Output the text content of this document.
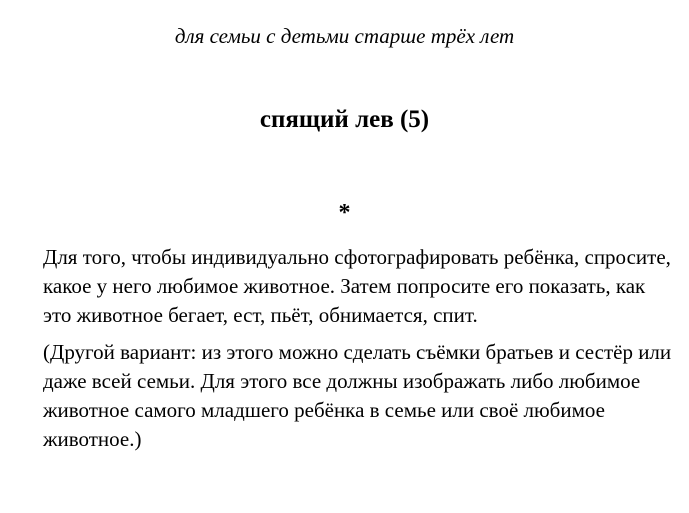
для семьи с детьми старше трёх лет
спящий лев (5)
*

Для того, чтобы индивидуально сфотографировать ребёнка, спросите, какое у него любимое животное. Затем попросите его показать, как это животное бегает, ест, пьёт, обнимается, спит.

(Другой вариант: из этого можно сделать съёмки братьев и сестёр или даже всей семьи. Для этого все должны изображать либо любимое животное самого младшего ребёнка в семье или своё любимое животное.)
